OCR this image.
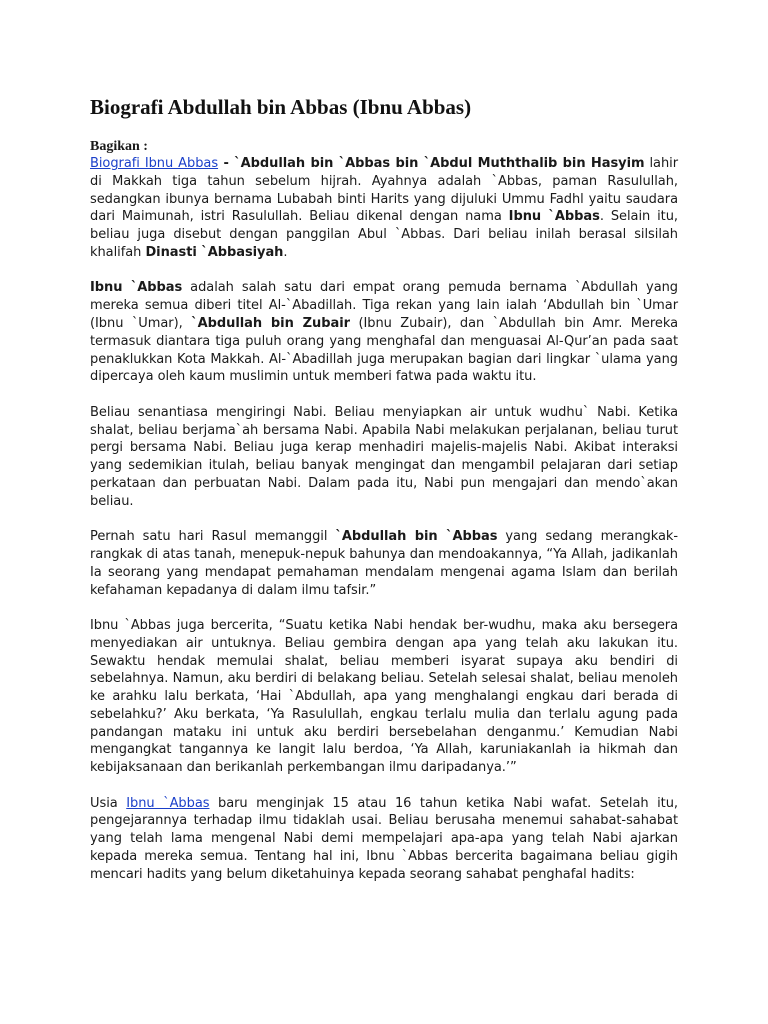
Biografi Abdullah bin Abbas (Ibnu Abbas)

Bagikan :

Biografi Ibnu Abbas - `Abdullah bin `Abbas bin `Abdul Muththalib bin Hasyim lahir di Makkah tiga tahun sebelum hijrah. Ayahnya adalah `Abbas, paman Rasulullah, sedangkan ibunya bernama Lubabah binti Harits yang dijuluki Ummu Fadhl yaitu saudara dari Maimunah, istri Rasulullah. Beliau dikenal dengan nama Ibnu `Abbas. Selain itu, beliau juga disebut dengan panggilan Abul `Abbas. Dari beliau inilah berasal silsilah khalifah Dinasti `Abbasiyah.

Ibnu `Abbas adalah salah satu dari empat orang pemuda bernama `Abdullah yang mereka semua diberi titel Al-`Abadillah. Tiga rekan yang lain ialah ‘Abdullah bin `Umar (Ibnu `Umar), `Abdullah bin Zubair (Ibnu Zubair), dan `Abdullah bin Amr. Mereka termasuk diantara tiga puluh orang yang menghafal dan menguasai Al-Qur’an pada saat penaklukkan Kota Makkah. Al-`Abadillah juga merupakan bagian dari lingkar `ulama yang dipercaya oleh kaum muslimin untuk memberi fatwa pada waktu itu.

Beliau senantiasa mengiringi Nabi. Beliau menyiapkan air untuk wudhu` Nabi. Ketika shalat, beliau berjama`ah bersama Nabi. Apabila Nabi melakukan perjalanan, beliau turut pergi bersama Nabi. Beliau juga kerap menhadiri majelis-majelis Nabi. Akibat interaksi yang sedemikian itulah, beliau banyak mengingat dan mengambil pelajaran dari setiap perkataan dan perbuatan Nabi. Dalam pada itu, Nabi pun mengajari dan mendo`akan beliau.

Pernah satu hari Rasul memanggil `Abdullah bin `Abbas yang sedang merangkak-rangkak di atas tanah, menepuk-nepuk bahunya dan mendoakannya, “Ya Allah, jadikanlah Ia seorang yang mendapat pemahaman mendalam mengenai agama Islam dan berilah kefahaman kepadanya di dalam ilmu tafsir.”

Ibnu `Abbas juga bercerita, “Suatu ketika Nabi hendak ber-wudhu, maka aku bersegera menyediakan air untuknya. Beliau gembira dengan apa yang telah aku lakukan itu. Sewaktu hendak memulai shalat, beliau memberi isyarat supaya aku bendiri di sebelahnya. Namun, aku berdiri di belakang beliau. Setelah selesai shalat, beliau menoleh ke arahku lalu berkata, ‘Hai `Abdullah, apa yang menghalangi engkau dari berada di sebelahku?’ Aku berkata, ‘Ya Rasulullah, engkau terlalu mulia dan terlalu agung pada pandangan mataku ini untuk aku berdiri bersebelahan denganmu.’ Kemudian Nabi mengangkat tangannya ke langit lalu berdoa, ‘Ya Allah, karuniakanlah ia hikmah dan kebijaksanaan dan berikanlah perkembangan ilmu daripadanya.’”

Usia Ibnu `Abbas baru menginjak 15 atau 16 tahun ketika Nabi wafat. Setelah itu, pengejarannya terhadap ilmu tidaklah usai. Beliau berusaha menemui sahabat-sahabat yang telah lama mengenal Nabi demi mempelajari apa-apa yang telah Nabi ajarkan kepada mereka semua. Tentang hal ini, Ibnu `Abbas bercerita bagaimana beliau gigih mencari hadits yang belum diketahuinya kepada seorang sahabat penghafal hadits:
